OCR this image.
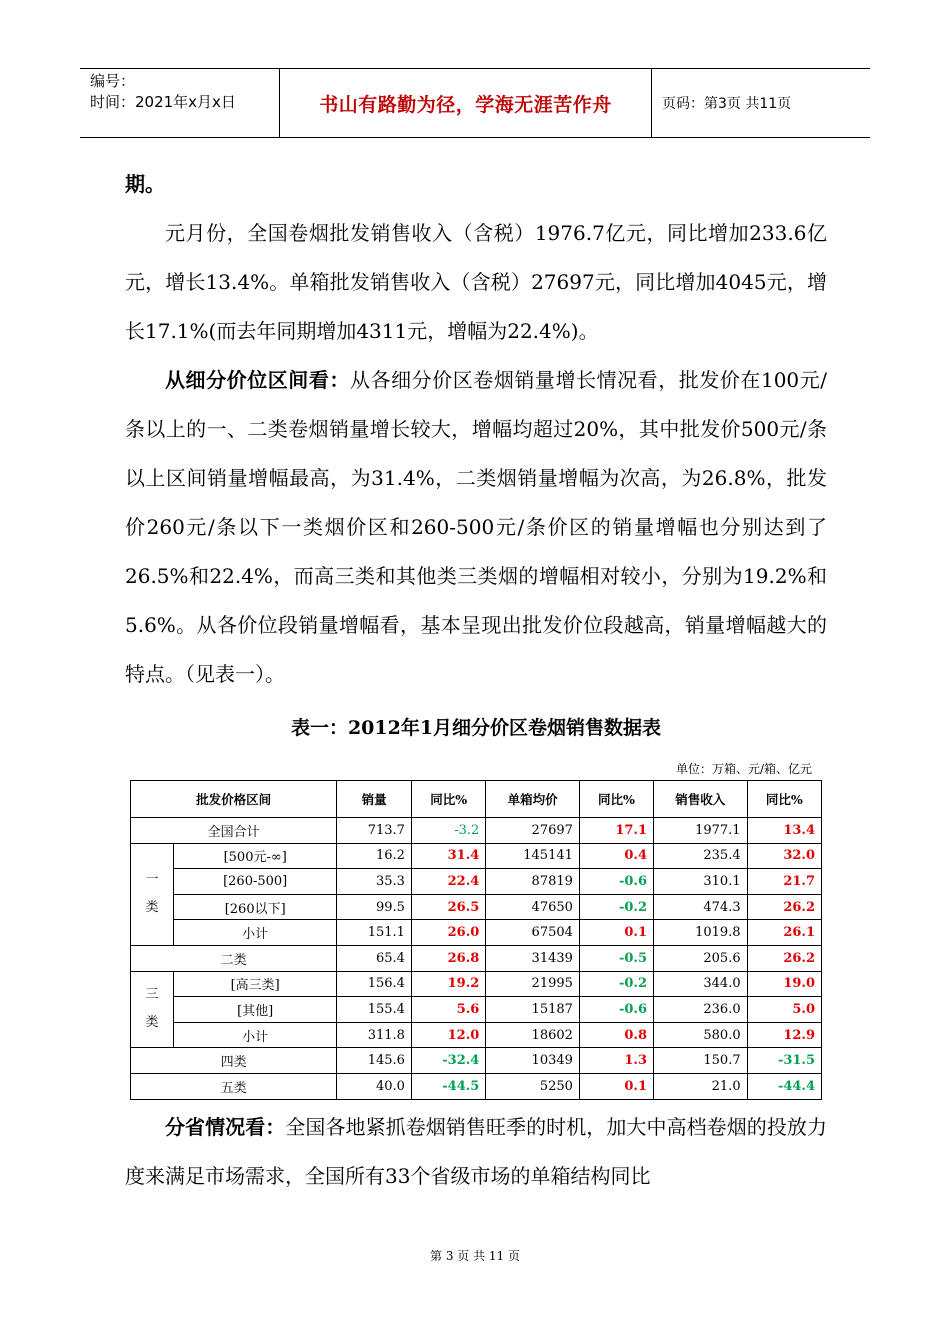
编号：
时间：2021年x月x日	书山有路勤为径，学海无涯苦作舟	页码：第3页 共11页

期。

元月份，全国卷烟批发销售收入（含税）1976.7亿元，同比增加233.6亿元，增长13.4%。单箱批发销售收入（含税）27697元，同比增加4045元，增长17.1%(而去年同期增加4311元，增幅为22.4%)。

从细分价位区间看：从各细分价区卷烟销量增长情况看，批发价在100元/条以上的一、二类卷烟销量增长较大，增幅均超过20%，其中批发价500元/条以上区间销量增幅最高，为31.4%，二类烟销量增幅为次高，为26.8%，批发价260元/条以下一类烟价区和260-500元/条价区的销量增幅也分别达到了26.5%和22.4%，而高三类和其他类三类烟的增幅相对较小，分别为19.2%和5.6%。从各价位段销量增幅看，基本呈现出批发价位段越高，销量增幅越大的特点。（见表一）。

表一：2012年1月细分价区卷烟销售数据表
单位：万箱、元/箱、亿元
批发价格区间		销量	同比%	单箱均价	同比%	销售收入	同比%
全国合计		713.7	-3.2	27697	17.1	1977.1	13.4
一类	[500元-∞]	16.2	31.4	145141	0.4	235.4	32.0
	[260-500]	35.3	22.4	87819	-0.6	310.1	21.7
	[260以下]	99.5	26.5	47650	-0.2	474.3	26.2
	小计	151.1	26.0	67504	0.1	1019.8	26.1
二类		65.4	26.8	31439	-0.5	205.6	26.2
三类	[高三类]	156.4	19.2	21995	-0.2	344.0	19.0
	[其他]	155.4	5.6	15187	-0.6	236.0	5.0
	小计	311.8	12.0	18602	0.8	580.0	12.9
四类		145.6	-32.4	10349	1.3	150.7	-31.5
五类		40.0	-44.5	5250	0.1	21.0	-44.4

分省情况看：全国各地紧抓卷烟销售旺季的时机，加大中高档卷烟的投放力度来满足市场需求，全国所有33个省级市场的单箱结构同比

第 3 页 共 11 页
